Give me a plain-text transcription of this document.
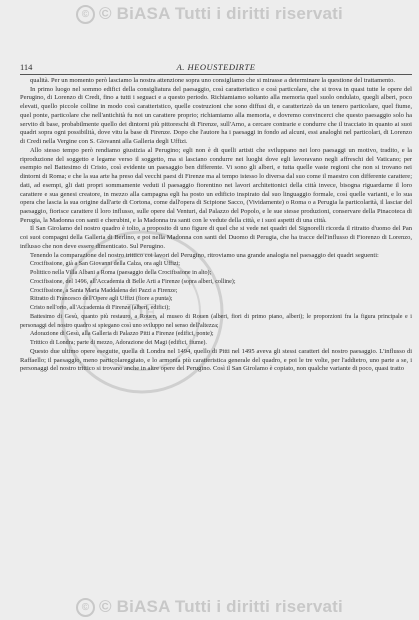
© © BiASA Tutti i diritti riservati
DE
114	A. HEOUSTEDIRTE

qualità. Per un momento però lasciamo la nostra attenzione sopra uno consigliamo che si mirasse a determinare la questione del trattamento.

In primo luogo nel sommo edifici della consigliatura del paesaggio, così caratteristico e così particolare, che si trova in quasi tutte le opere del Perugino, di Lorenzo di Credi, fino a tutti i seguaci e a questo periodo. Richiamiamo soltanto alla memoria quel suolo ondulato, quegli alberi, poco elevati, quello piccole colline in modo così caratteristico, quelle costruzioni che sono diffusi di, e caratterizzò da un tenero particolare, quel fiume, quel ponte, particolare che nell'antichità fu noi un carattere proprio; richiamiamo alla memoria, e dovremo convincerci che questo paesaggio solo ha servito di base, probabilmente quello dei dintorni più pittoreschi di Firenze, sull'Arno, a cercare contrarie e condurre che il tracciato in quanto ai suoi quadri sopra ogni possibilità, dove vitu la base di Firenze. Dopo che l'autore ha i paesaggi in fondo ad alcuni, essi analoghi nel particolari, di Lorenzo di Credi nella Vergine con S. Giovanni alla Galleria degli Uffizi.

Allo stesso tempo però rendiamo giustizia al Perugino; egli non è di quelli artisti che sviluppano nei loro paesaggi un motivo, tradito, e la riproduzione del soggetto e legame verso il soggetto, ma si lasciano condurre nei luoghi dove egli lavoravano negli affreschi del Vaticano; per esempio nel Battesimo di Cristo, così evidente un paesaggio ben differente. Vi sono gli alberi, e tutta quelle vaste regioni che non si trovano nei dintorni di Roma; e che la sua arte ha preso dal vecchi paesi di Firenze ma al tempo istesso lo diversa dal suo come il maestro con differente carattere; dati, ad esempi, gli dati propri sommamente veduti il paesaggio fiorentino nei lavori architettonici della città invece, bisogna riguardarne il loro carattere e sua genesi creatore, in mezzo alla campagna egli ha posto un edificio inspirato dal suo linguaggio formale, così quelle varianti, e lo sua opera che lascia la sua origine dall'arte di Cortona, come dall'opera di Scipione Sacco, (Vividamente) o Roma o a Perugia la particolarità, il lasciar del paesaggio, fiorisce carattere il loro influsso, sulle opere dal Venturi, dal Palazzo del Popolo, e le sue stesse produzioni, conservare della Pinacoteca di Perugia, la Madonna con santi e cherubini, e la Madonna tra santi con le vedute della città, e i suoi aspetti di una città.

Il San Girolamo del nostro quadro è tolto, a proposito di uno figure di quel che si vede nei quadri del Signorelli ricorda il ritratto d'uomo del Pan coi suoi compagni della Galleria di Berlino, e poi nella Madonna con santi del Duomo di Perugia, che ha tracce dell'influsso di Fiorenzo di Lorenzo, influsso che non deve essere dimenticato. Sul Perugino.

Tenendo la comparazione del nostro trittico coi lavori del Perugino, ritroviamo una grande analogia nel paesaggio dei quadri seguenti:

Crocifissione, già a San Giovanni della Calza, ora agli Uffizi;

Polittico nella Villa Albani a Roma (paesaggio della Crocifissione in alto);

Crocifissione, del 1496, all'Accademia di Belle Arti a Firenze (sopra alberi, colline);

Crocifissione, a Santa Maria Maddalena dei Pazzi a Firenze;

Ritratto di Francesco dell'Opere agli Uffizi (fiore a punta);

Cristo nell'orto, all'Accademia di Firenze (alberi, edifici);

Battesimo di Gesù, quanto più restauro, a Rouen, al museo di Rouen (alberi, fiori di primo piano, alberi); le proporzioni fra la figura principale e i personaggi del nostro quadro si spiegano così uno sviluppo nel senso dell'altezza;

Adorazione di Gesù, alla Galleria di Palazzo Pitti a Firenze (edifici, ponte);

Trittico di Londra; parte di mezzo, Adorazione dei Magi (edifici, fiume).

Questo due ultimo opere eseguite, quella di Londra nel 1494, quello di Pitti nel 1495 aveva gli stessi caratteri del nostro paesaggio. L'influsso di Raffaello; il paesaggio, meno particolareggiato, e lo armonia più caratteristica generale del quadro, e poi le tre volte, per l'addietro, uno parte a se, i personaggi del nostro trittico si trovano anche in altre opere del Perugino. Così il San Girolamo è copiato, non qualche variante di poco, quasi tratto

© © BiASA Tutti i diritti riservati
